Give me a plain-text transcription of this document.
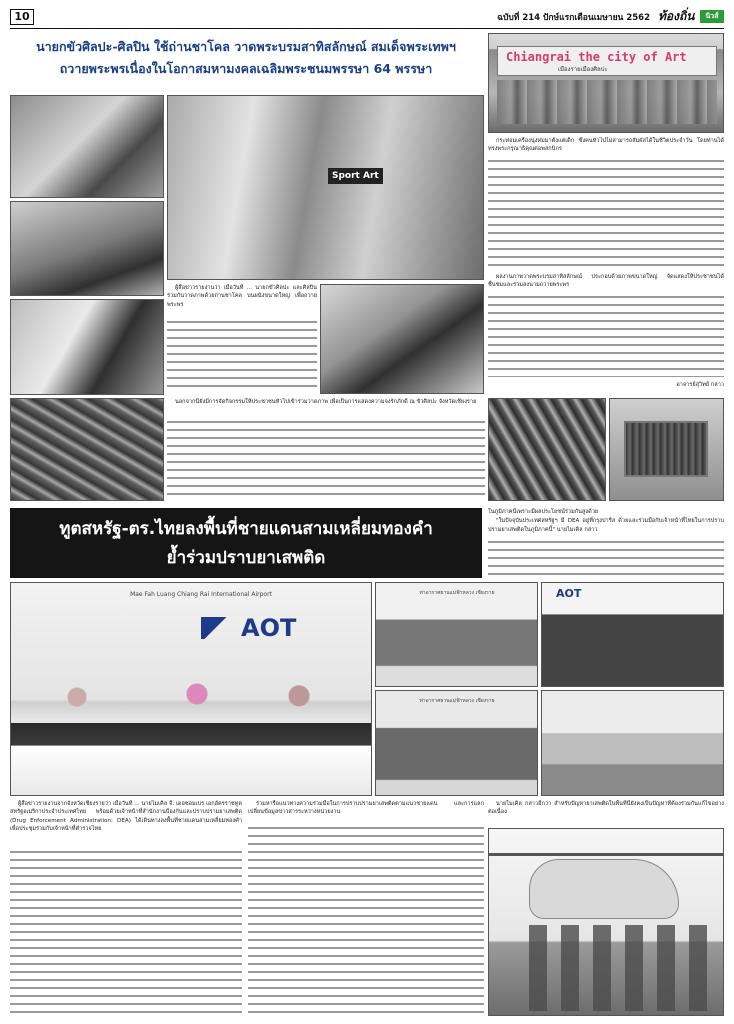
10	ฉบับที่ 214 ปักษ์แรกเดือนเมษายน 2562 ท้องถิ่น	นิวส์
นายกขัวศิลปะ-ศิลปิน ใช้ถ่านชาโคล วาดพระบรมสาทิสลักษณ์ สมเด็จพระเทพฯ
ถวายพระพรเนื่องในโอกาสมหามงคลเฉลิมพระชนมพรรษา 64 พรรษา
Chiangrai the city of Art
เมืองรายเมืองศิลปะ
Sport Art

ผู้สื่อข่าวรายงานว่า เมื่อวันที่ ... นายกขัวศิลปะ และศิลปินร่วมกันวาดภาพด้วยถ่านชาโคล บนผนังขนาดใหญ่ เพื่อถวายพระพร

กระท่อมเครื่องนุ่งห่มมาตั้งแต่เด็ก ซึ่งคนทั่วไปไม่สามารถสัมผัสได้ในชีวิตประจำวัน โดยท่านได้ทรงพระกรุณาธิคุณต่อพสกนิกร

ผลงานภาพวาดพระบรมสาทิสลักษณ์ ประกอบด้วยภาพขนาดใหญ่ จัดแสดงให้ประชาชนได้ชื่นชมและร่วมลงนามถวายพระพร
อาจารย์สุวิทย์ กล่าว

นอกจากนี้ยังมีการจัดกิจกรรมให้ประชาชนทั่วไปเข้าร่วมวาดภาพ เพื่อเป็นการแสดงความจงรักภักดี ณ ขัวศิลปะ จังหวัดเชียงราย

ทูตสหรัฐ-ตร.ไทยลงพื้นที่ชายแดนสามเหลี่ยมทองคำ
ย้ำร่วมปราบยาเสพติด
ในภูมิภาคนี้เพราะมีผลประโยชน์ร่วมกันสูงด้วย

"ในปัจจุบันประเทศสหรัฐฯ มี DEA อยู่ที่กรุงปารีส ด้วยและร่วมมือกับเจ้าหน้าที่ไทยในการปราบปรามยาเสพติดในภูมิภาคนี้" นายไมเคิล กล่าว

Mae Fah Luang Chiang Rai International Airport
AOT
ท่าอากาศยานแม่ฟ้าหลวง เชียงราย	AOT
ท่าอากาศยานแม่ฟ้าหลวง เชียงราย

ผู้สื่อข่าวรายงานจากจังหวัดเชียงรายว่า เมื่อวันที่ ... นายไมเคิล จี. เดอซอมเบร เอกอัครราชทูตสหรัฐอเมริกาประจำประเทศไทย พร้อมด้วยเจ้าหน้าที่สำนักงานป้องกันและปราบปรามยาเสพติด (Drug Enforcement Administration: DEA) ได้เดินทางลงพื้นที่ชายแดนสามเหลี่ยมทองคำ เพื่อประชุมร่วมกับเจ้าหน้าที่ตำรวจไทย

ร่วมหารือแนวทางความร่วมมือในการปราบปรามยาเสพติดตามแนวชายแดน และการแลกเปลี่ยนข้อมูลข่าวสารระหว่างหน่วยงาน

นายไมเคิล กล่าวอีกว่า สำหรับปัญหายาเสพติดในพื้นที่นี้ยังคงเป็นปัญหาที่ต้องร่วมกันแก้ไขอย่างต่อเนื่อง
